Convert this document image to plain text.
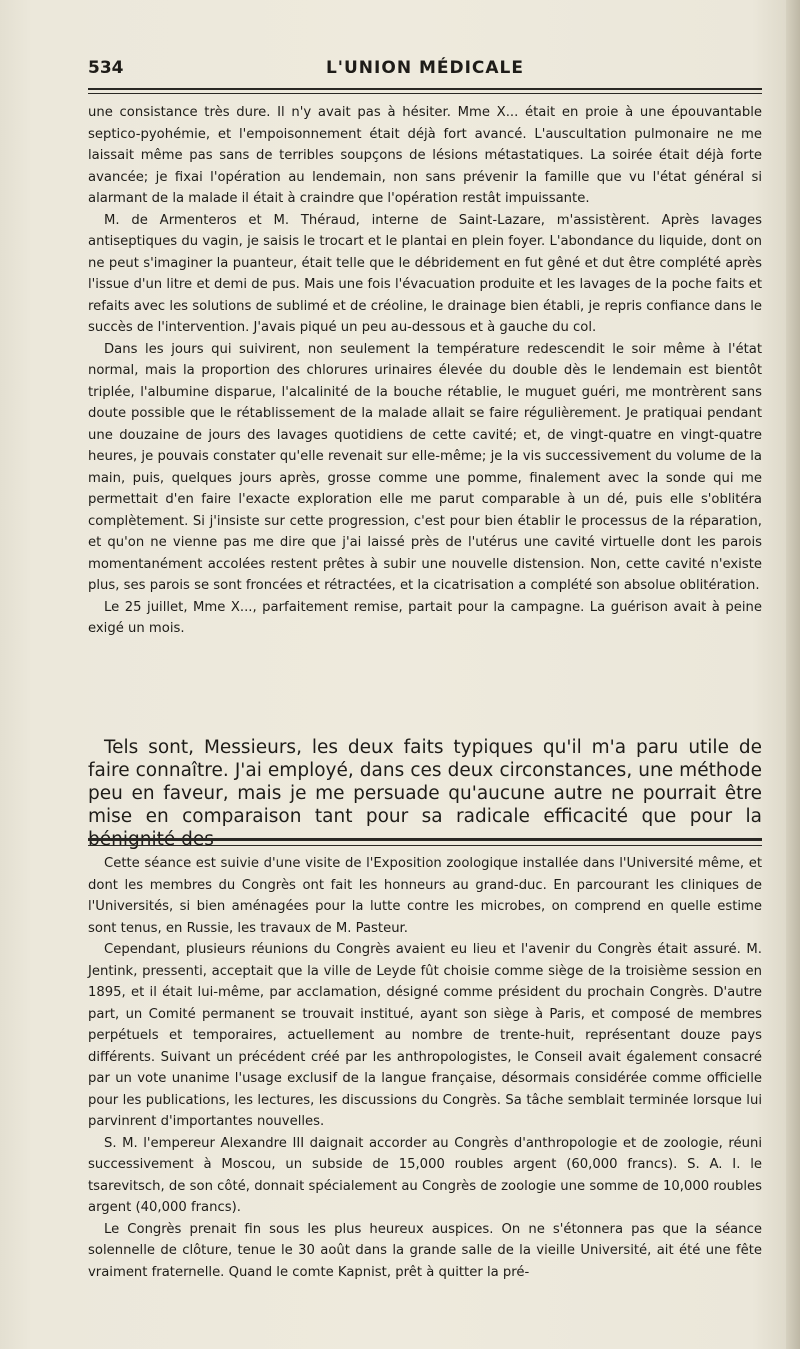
534	L'UNION MÉDICALE

une consistance très dure. Il n'y avait pas à hésiter. Mme X... était en proie à une épouvantable septico-pyohémie, et l'empoisonnement était déjà fort avancé. L'auscultation pulmonaire ne me laissait même pas sans de terribles soupçons de lésions métastatiques. La soirée était déjà forte avancée; je fixai l'opération au lendemain, non sans prévenir la famille que vu l'état général si alarmant de la malade il était à craindre que l'opération restât impuissante.

M. de Armenteros et M. Théraud, interne de Saint-Lazare, m'assistèrent. Après lavages antiseptiques du vagin, je saisis le trocart et le plantai en plein foyer. L'abondance du liquide, dont on ne peut s'imaginer la puanteur, était telle que le débridement en fut gêné et dut être complété après l'issue d'un litre et demi de pus. Mais une fois l'évacuation produite et les lavages de la poche faits et refaits avec les solutions de sublimé et de créoline, le drainage bien établi, je repris confiance dans le succès de l'intervention. J'avais piqué un peu au-dessous et à gauche du col.

Dans les jours qui suivirent, non seulement la température redescendit le soir même à l'état normal, mais la proportion des chlorures urinaires élevée du double dès le lendemain est bientôt triplée, l'albumine disparue, l'alcalinité de la bouche rétablie, le muguet guéri, me montrèrent sans doute possible que le rétablissement de la malade allait se faire régulièrement. Je pratiquai pendant une douzaine de jours des lavages quotidiens de cette cavité; et, de vingt-quatre en vingt-quatre heures, je pouvais constater qu'elle revenait sur elle-même; je la vis successivement du volume de la main, puis, quelques jours après, grosse comme une pomme, finalement avec la sonde qui me permettait d'en faire l'exacte exploration elle me parut comparable à un dé, puis elle s'oblitéra complètement. Si j'insiste sur cette progression, c'est pour bien établir le processus de la réparation, et qu'on ne vienne pas me dire que j'ai laissé près de l'utérus une cavité virtuelle dont les parois momentanément accolées restent prêtes à subir une nouvelle distension. Non, cette cavité n'existe plus, ses parois se sont froncées et rétractées, et la cicatrisation a complété son absolue oblitération.

Le 25 juillet, Mme X..., parfaitement remise, partait pour la campagne. La guérison avait à peine exigé un mois.

Tels sont, Messieurs, les deux faits typiques qu'il m'a paru utile de faire connaître. J'ai employé, dans ces deux circonstances, une méthode peu en faveur, mais je me persuade qu'aucune autre ne pourrait être mise en comparaison tant pour sa radicale efficacité que pour la bénignité des

Cette séance est suivie d'une visite de l'Exposition zoologique installée dans l'Université même, et dont les membres du Congrès ont fait les honneurs au grand-duc. En parcourant les cliniques de l'Universités, si bien aménagées pour la lutte contre les microbes, on comprend en quelle estime sont tenus, en Russie, les travaux de M. Pasteur.

Cependant, plusieurs réunions du Congrès avaient eu lieu et l'avenir du Congrès était assuré. M. Jentink, pressenti, acceptait que la ville de Leyde fût choisie comme siège de la troisième session en 1895, et il était lui-même, par acclamation, désigné comme président du prochain Congrès. D'autre part, un Comité permanent se trouvait institué, ayant son siège à Paris, et composé de membres perpétuels et temporaires, actuellement au nombre de trente-huit, représentant douze pays différents. Suivant un précédent créé par les anthropologistes, le Conseil avait également consacré par un vote unanime l'usage exclusif de la langue française, désormais considérée comme officielle pour les publications, les lectures, les discussions du Congrès. Sa tâche semblait terminée lorsque lui parvinrent d'importantes nouvelles.

S. M. l'empereur Alexandre III daignait accorder au Congrès d'anthropologie et de zoologie, réuni successivement à Moscou, un subside de 15,000 roubles argent (60,000 francs). S. A. I. le tsarevitsch, de son côté, donnait spécialement au Congrès de zoologie une somme de 10,000 roubles argent (40,000 francs).

Le Congrès prenait fin sous les plus heureux auspices. On ne s'étonnera pas que la séance solennelle de clôture, tenue le 30 août dans la grande salle de la vieille Université, ait été une fête vraiment fraternelle. Quand le comte Kapnist, prêt à quitter la pré-
